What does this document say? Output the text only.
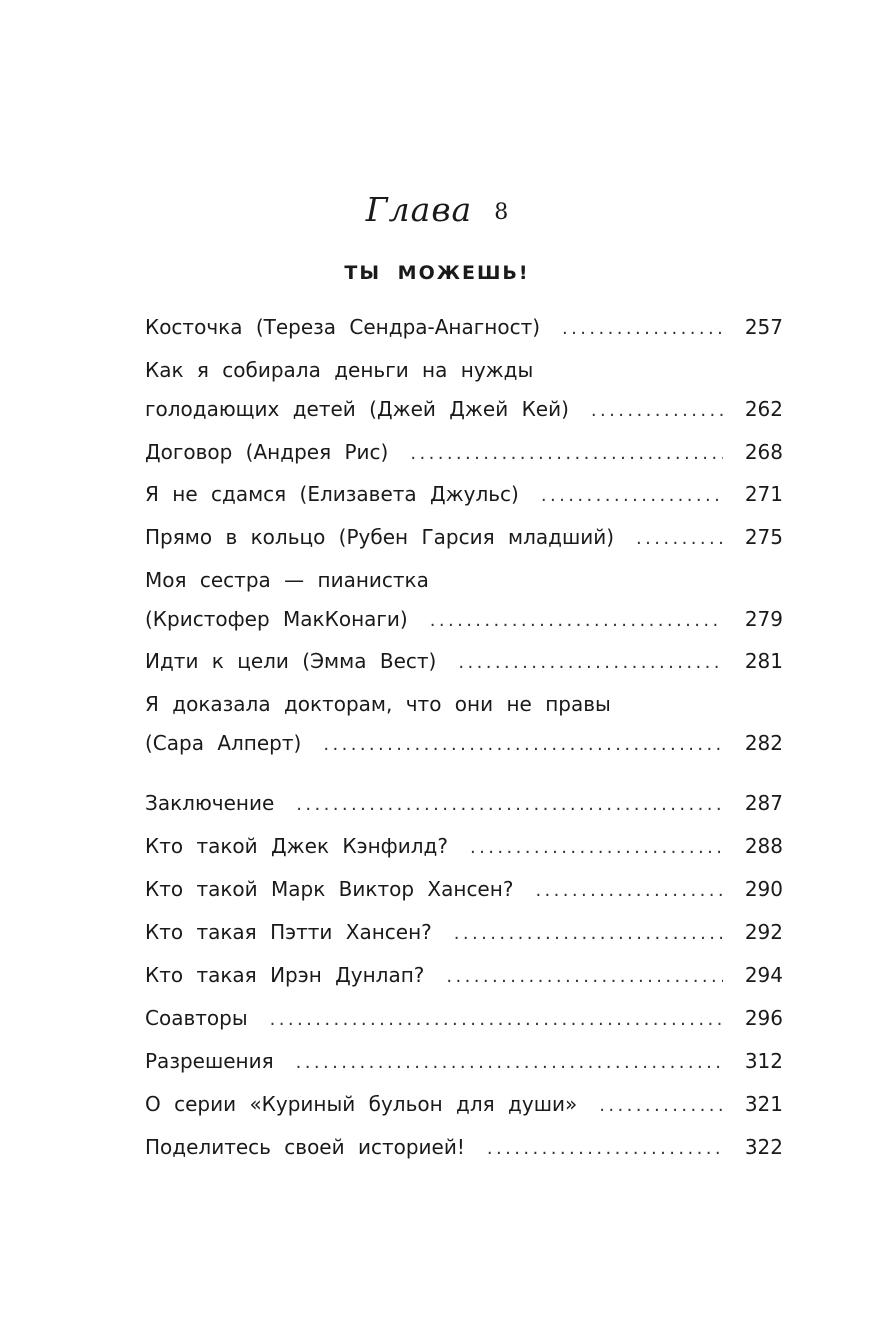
Глава 8
ТЫ МОЖЕШЬ!
Косточка (Тереза Сендра-Анагност) .....	257
Как я собирала деньги на нужды
голодающих детей (Джей Джей Кей) .....	262
Договор (Андрея Рис) .....	268
Я не сдамся (Елизавета Джульс) .....	271
Прямо в кольцо (Рубен Гарсия младший) .....	275
Моя сестра — пианистка
(Кристофер МакКонаги) .....	279
Идти к цели (Эмма Вест) .....	281
Я доказала докторам, что они не правы
(Сара Алперт) .....	282
Заключение .....	287
Кто такой Джек Кэнфилд? .....	288
Кто такой Марк Виктор Хансен? .....	290
Кто такая Пэтти Хансен? .....	292
Кто такая Ирэн Дунлап? .....	294
Соавторы .....	296
Разрешения .....	312
О серии «Куриный бульон для души» .....	321
Поделитесь своей историей! .....	322
